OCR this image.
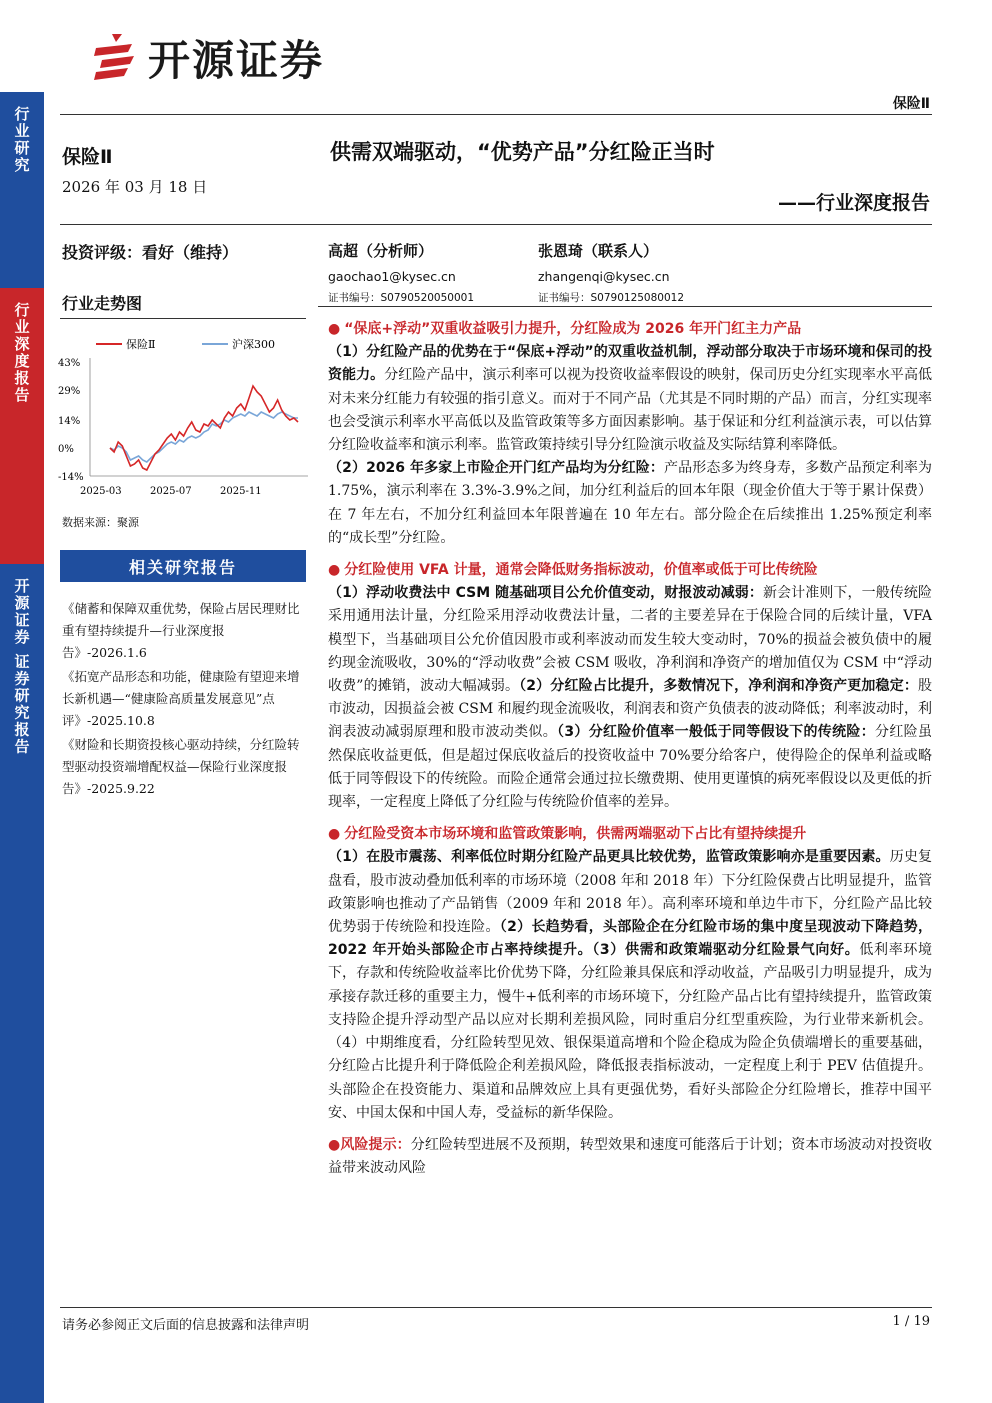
行业研究
行业深度报告
开源证券 证券研究报告
开源证券
保险Ⅱ
保险Ⅱ
2026 年 03 月 18 日
供需双端驱动，“优势产品”分红险正当时
——行业深度报告
投资评级：看好（维持）	高超（分析师）
gaochao1@kysec.cn
证书编号：S0790520050001
张恩琦（联系人）
zhangenqi@kysec.cn
证书编号：S0790125080012
行业走势图
保险Ⅱ	沪深300
43%
29%
14%
0%
-14%
2025-03	2025-07	2025-11
数据来源：聚源
相关研究报告

《储蓄和保障双重优势，保险占居民理财比重有望持续提升—行业深度报告》-2026.1.6

《拓宽产品形态和功能，健康险有望迎来增长新机遇—“健康险高质量发展意见”点评》-2025.10.8

《财险和长期资投核心驱动持续，分红险转型驱动投资端增配权益—保险行业深度报告》-2025.9.22

● “保底+浮动”双重收益吸引力提升，分红险成为 2026 年开门红主力产品

（1）分红险产品的优势在于“保底+浮动”的双重收益机制，浮动部分取决于市场环境和保司的投资能力。分红险产品中，演示利率可以视为投资收益率假设的映射，保司历史分红实现率水平高低对未来分红能力有较强的指引意义。而对于不同产品（尤其是不同时期的产品）而言，分红实现率也会受演示利率水平高低以及监管政策等多方面因素影响。基于保证和分红利益演示表，可以估算分红险收益率和演示利率。监管政策持续引导分红险演示收益及实际结算利率降低。

（2）2026 年多家上市险企开门红产品均为分红险：产品形态多为终身寿，多数产品预定利率为 1.75%，演示利率在 3.3%-3.9%之间，加分红利益后的回本年限（现金价值大于等于累计保费）在 7 年左右，不加分红利益回本年限普遍在 10 年左右。部分险企在后续推出 1.25%预定利率的“成长型”分红险。

● 分红险使用 VFA 计量，通常会降低财务指标波动，价值率或低于可比传统险

（1）浮动收费法中 CSM 随基础项目公允价值变动，财报波动减弱：新会计准则下，一般传统险采用通用法计量，分红险采用浮动收费法计量，二者的主要差异在于保险合同的后续计量，VFA 模型下，当基础项目公允价值因股市或利率波动而发生较大变动时，70%的损益会被负债中的履约现金流吸收，30%的“浮动收费”会被 CSM 吸收，净利润和净资产的增加值仅为 CSM 中“浮动收费”的摊销，波动大幅减弱。（2）分红险占比提升，多数情况下，净利润和净资产更加稳定：股市波动，因损益会被 CSM 和履约现金流吸收，利润表和资产负债表的波动降低；利率波动时，利润表波动减弱原理和股市波动类似。（3）分红险价值率一般低于同等假设下的传统险：分红险虽然保底收益更低，但是超过保底收益后的投资收益中 70%要分给客户，使得险企的保单利益或略低于同等假设下的传统险。而险企通常会通过拉长缴费期、使用更谨慎的病死率假设以及更低的折现率，一定程度上降低了分红险与传统险价值率的差异。

● 分红险受资本市场环境和监管政策影响，供需两端驱动下占比有望持续提升

（1）在股市震荡、利率低位时期分红险产品更具比较优势，监管政策影响亦是重要因素。历史复盘看，股市波动叠加低利率的市场环境（2008 年和 2018 年）下分红险保费占比明显提升，监管政策影响也推动了产品销售（2009 年和 2018 年）。高利率环境和单边牛市下，分红险产品比较优势弱于传统险和投连险。（2）长趋势看，头部险企在分红险市场的集中度呈现波动下降趋势，2022 年开始头部险企市占率持续提升。（3）供需和政策端驱动分红险景气向好。低利率环境下，存款和传统险收益率比价优势下降，分红险兼具保底和浮动收益，产品吸引力明显提升，成为承接存款迁移的重要主力，慢牛+低利率的市场环境下，分红险产品占比有望持续提升，监管政策支持险企提升浮动型产品以应对长期利差损风险，同时重启分红型重疾险，为行业带来新机会。（4）中期维度看，分红险转型见效、银保渠道高增和个险企稳成为险企负债端增长的重要基础，分红险占比提升利于降低险企利差损风险，降低报表指标波动，一定程度上利于 PEV 估值提升。头部险企在投资能力、渠道和品牌效应上具有更强优势，看好头部险企分红险增长，推荐中国平安、中国太保和中国人寿，受益标的新华保险。

●风险提示：分红险转型进展不及预期，转型效果和速度可能落后于计划；资本市场波动对投资收益带来波动风险

请务必参阅正文后面的信息披露和法律声明	1 / 19
